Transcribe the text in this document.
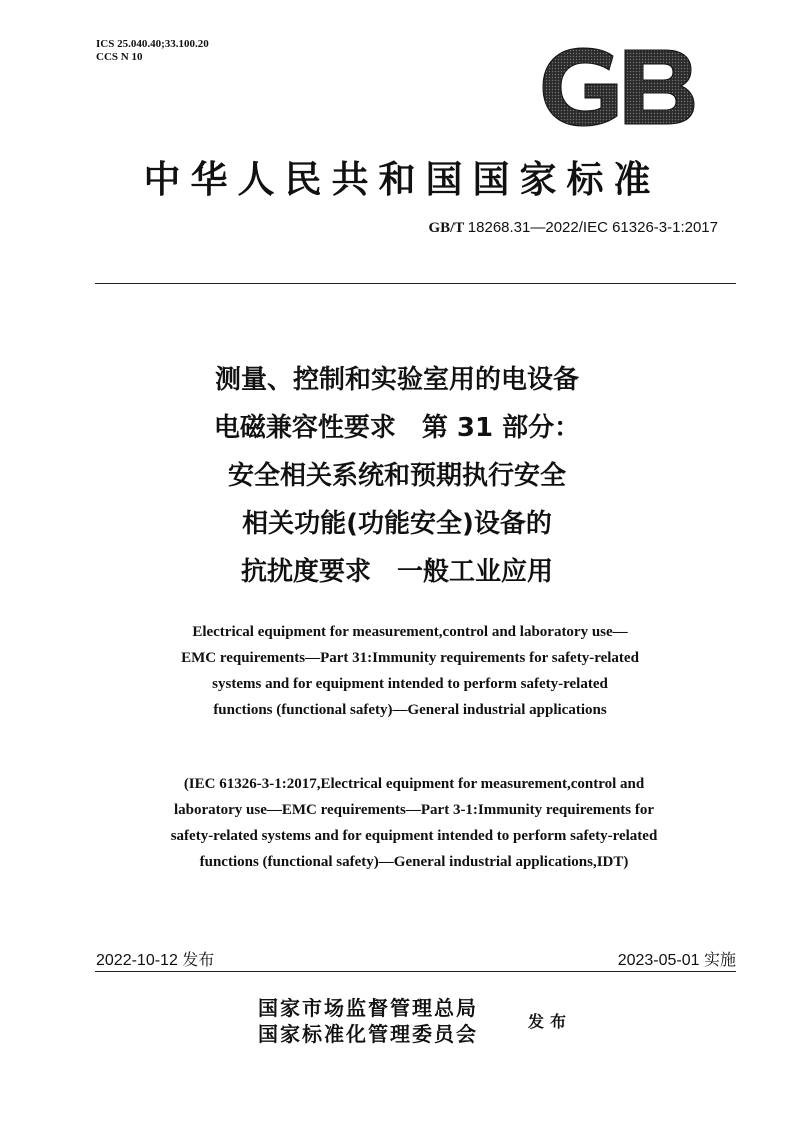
ICS 25.040.40;33.100.20
CCS N 10
中华人民共和国国家标准
GB/T 18268.31—2022/IEC 61326-3-1:2017
测量、控制和实验室用的电设备
电磁兼容性要求　第 31 部分：
安全相关系统和预期执行安全
相关功能(功能安全)设备的
抗扰度要求　一般工业应用
Electrical equipment for measurement,control and laboratory use—
EMC requirements—Part 31:Immunity requirements for safety-related
systems and for equipment intended to perform safety-related
functions (functional safety)—General industrial applications
(IEC 61326-3-1:2017,Electrical equipment for measurement,control and
laboratory use—EMC requirements—Part 3-1:Immunity requirements for
safety-related systems and for equipment intended to perform safety-related
functions (functional safety)—General industrial applications,IDT)
2022-10-12 发布	2023-05-01 实施
国家市场监督管理总局
国家标准化管理委员会
发布
